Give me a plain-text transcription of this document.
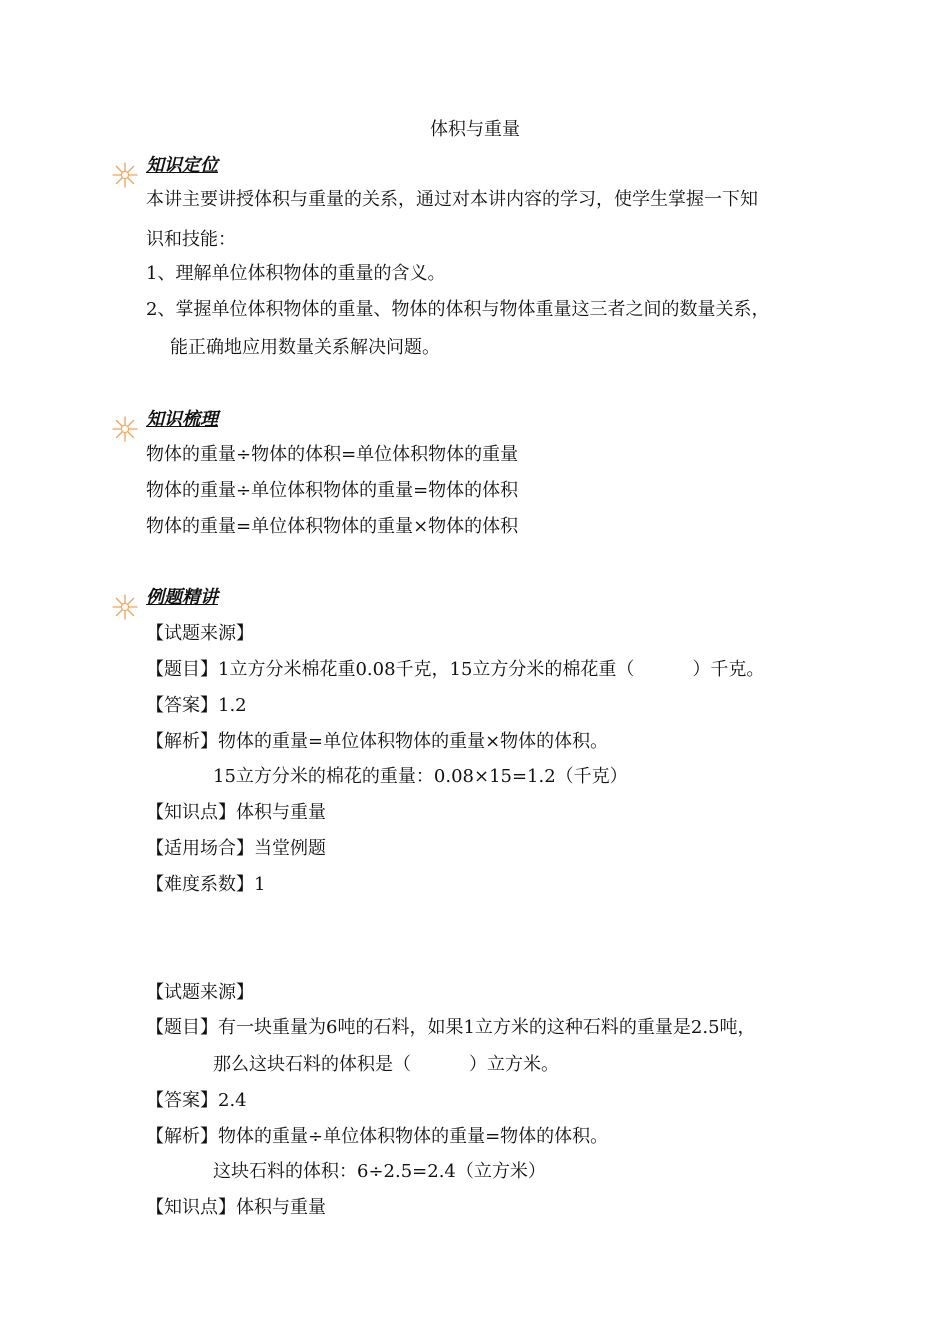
体积与重量
知识定位
本讲主要讲授体积与重量的关系，通过对本讲内容的学习，使学生掌握一下知
识和技能：
1、理解单位体积物体的重量的含义。
2、掌握单位体积物体的重量、物体的体积与物体重量这三者之间的数量关系，
能正确地应用数量关系解决问题。
知识梳理
物体的重量÷物体的体积=单位体积物体的重量
物体的重量÷单位体积物体的重量=物体的体积
物体的重量=单位体积物体的重量×物体的体积
例题精讲
【试题来源】
【题目】1立方分米棉花重0.08千克，15立方分米的棉花重（	）千克。
【答案】1.2
【解析】物体的重量=单位体积物体的重量×物体的体积。
15立方分米的棉花的重量：0.08×15=1.2（千克）
【知识点】体积与重量
【适用场合】当堂例题
【难度系数】1
【试题来源】
【题目】有一块重量为6吨的石料，如果1立方米的这种石料的重量是2.5吨，
那么这块石料的体积是（	）立方米。
【答案】2.4
【解析】物体的重量÷单位体积物体的重量=物体的体积。
这块石料的体积：6÷2.5=2.4（立方米）
【知识点】体积与重量
